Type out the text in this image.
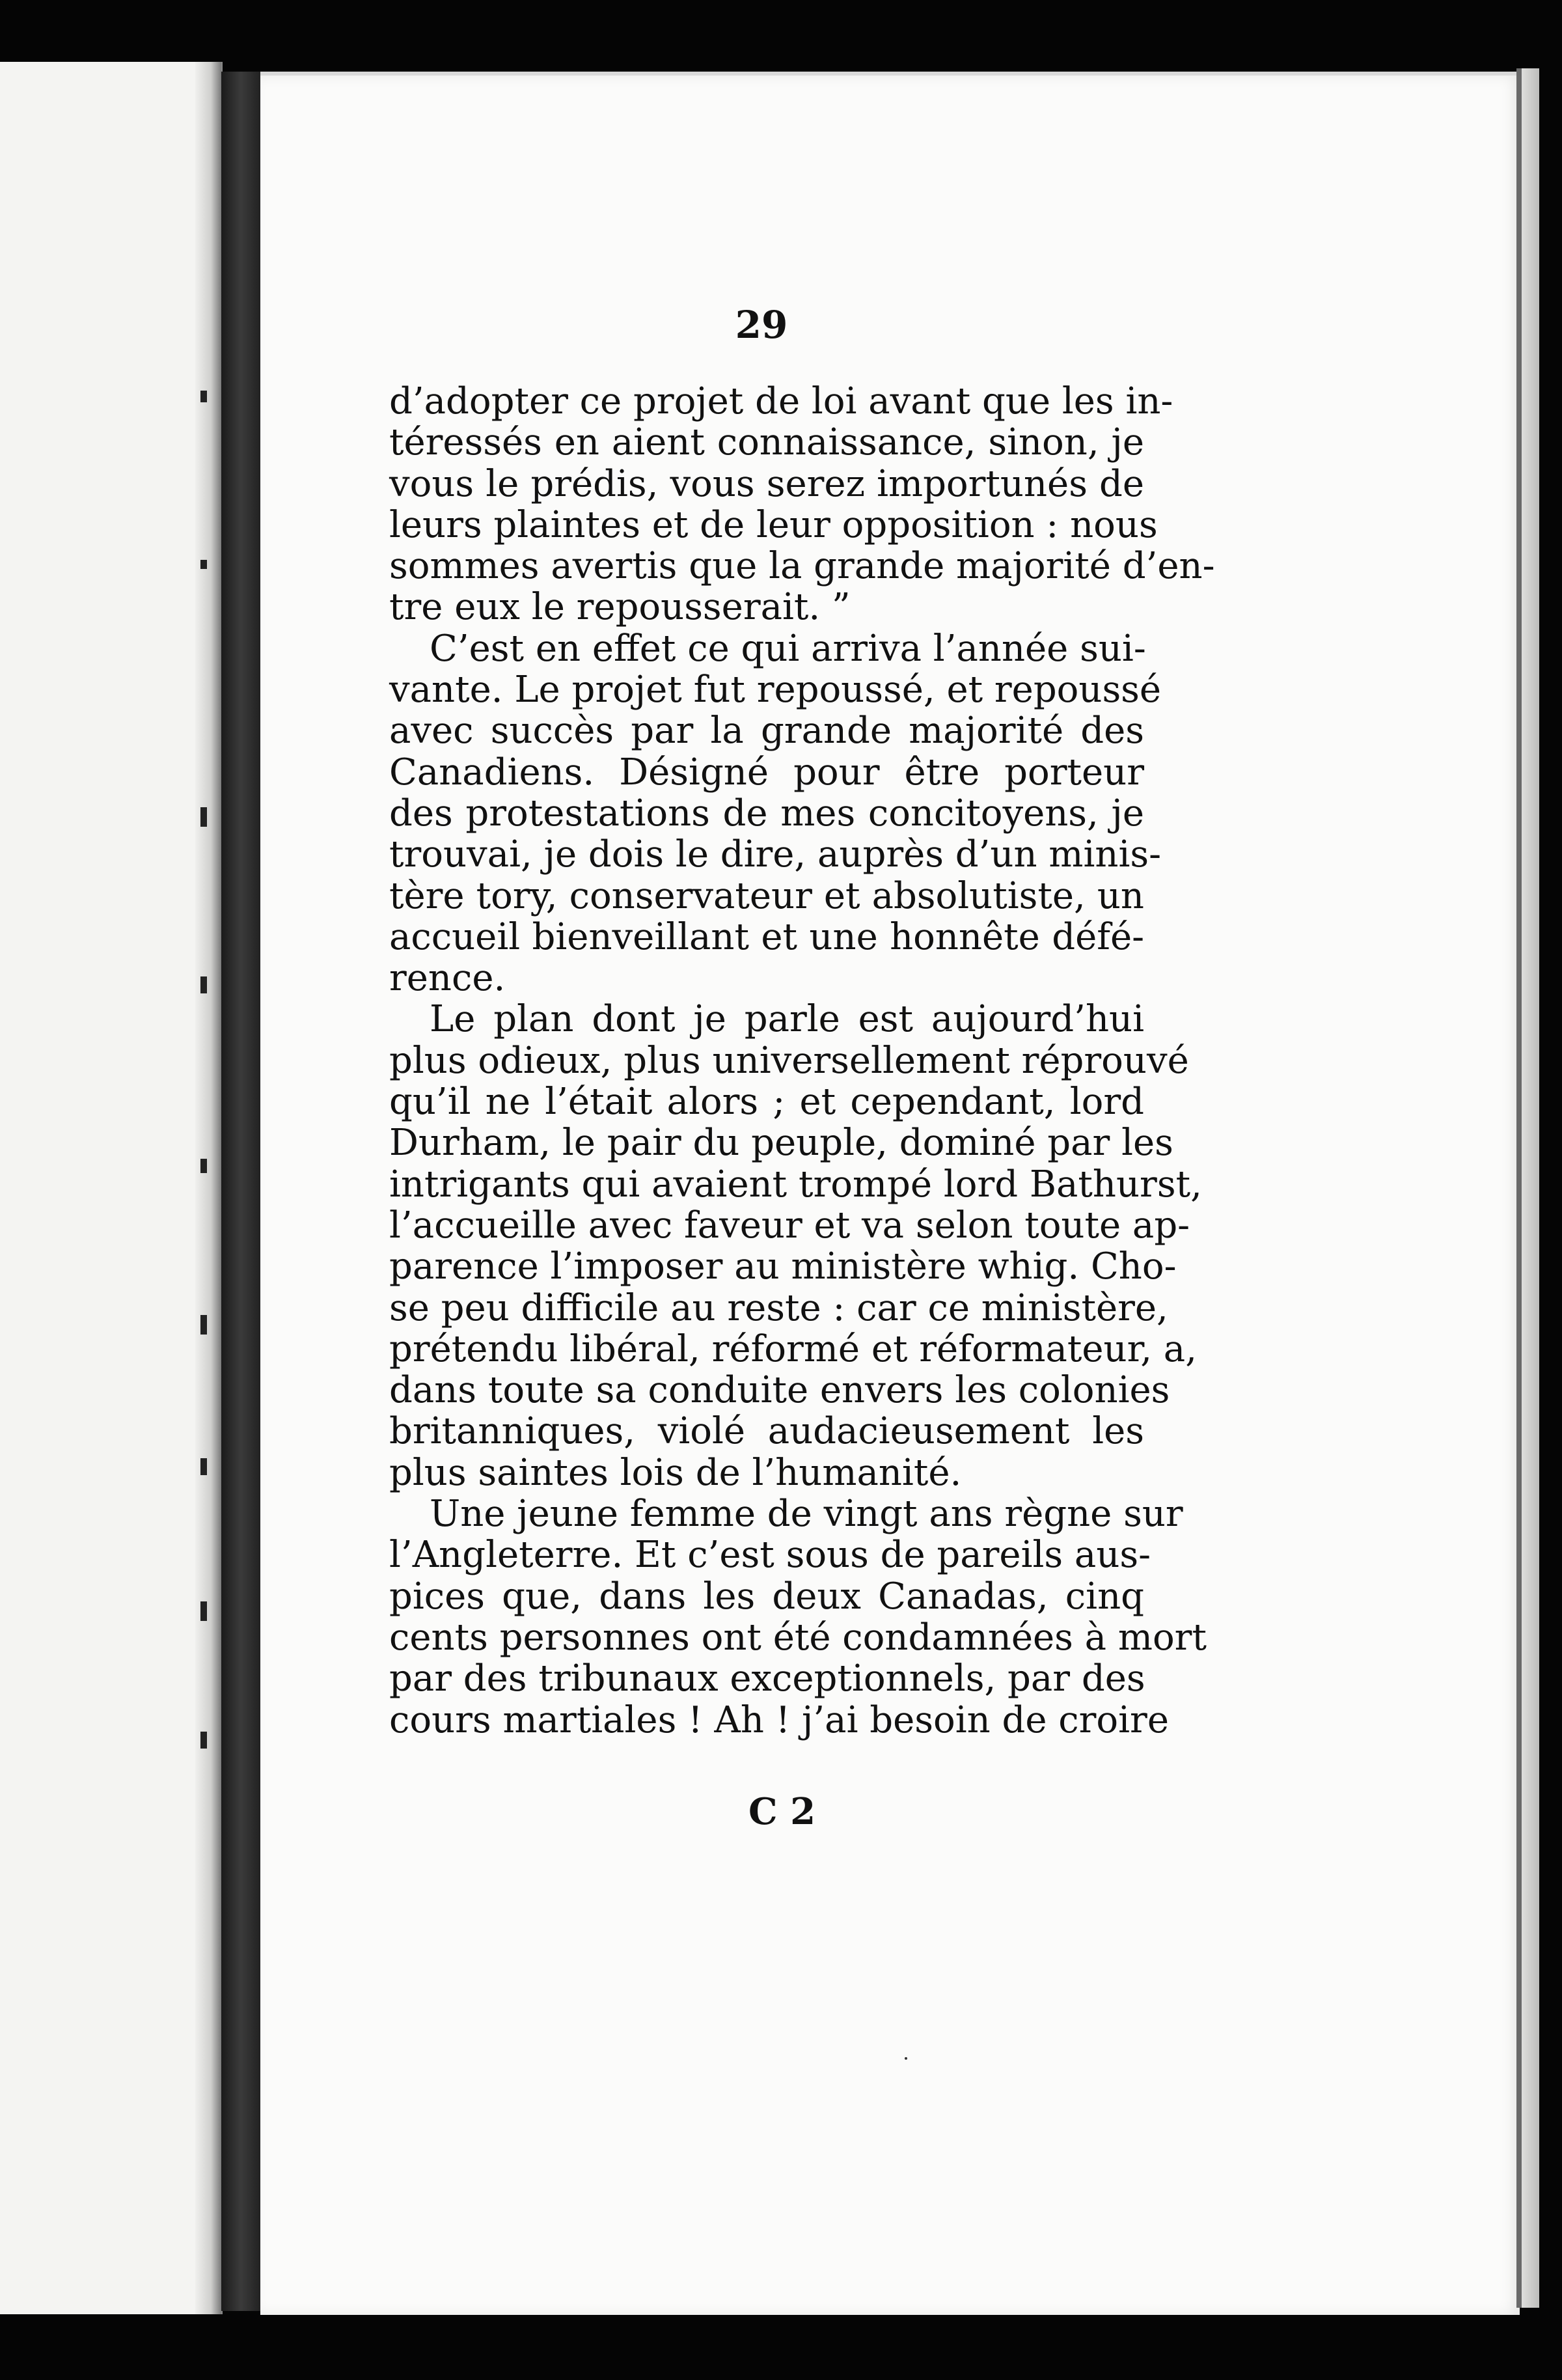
29
d’adopter ce projet de loi avant que les in-
téressés en aient connaissance, sinon, je
vous le prédis, vous serez importunés de
leurs plaintes et de leur opposition : nous
sommes avertis que la grande majorité d’en-
tre eux le repousserait. ”
C’est en effet ce qui arriva l’année sui-
vante. Le projet fut repoussé, et repoussé
avec succès par la grande majorité des
Canadiens. Désigné pour être porteur
des protestations de mes concitoyens, je
trouvai, je dois le dire, auprès d’un minis-
tère tory, conservateur et absolutiste, un
accueil bienveillant et une honnête défé-
rence.
Le plan dont je parle est aujourd’hui
plus odieux, plus universellement réprouvé
qu’il ne l’était alors ; et cependant, lord
Durham, le pair du peuple, dominé par les
intrigants qui avaient trompé lord Bathurst,
l’accueille avec faveur et va selon toute ap-
parence l’imposer au ministère whig. Cho-
se peu difficile au reste : car ce ministère,
prétendu libéral, réformé et réformateur, a,
dans toute sa conduite envers les colonies
britanniques, violé audacieusement les
plus saintes lois de l’humanité.
Une jeune femme de vingt ans règne sur
l’Angleterre. Et c’est sous de pareils aus-
pices que, dans les deux Canadas, cinq
cents personnes ont été condamnées à mort
par des tribunaux exceptionnels, par des
cours martiales ! Ah ! j’ai besoin de croire
C 2
